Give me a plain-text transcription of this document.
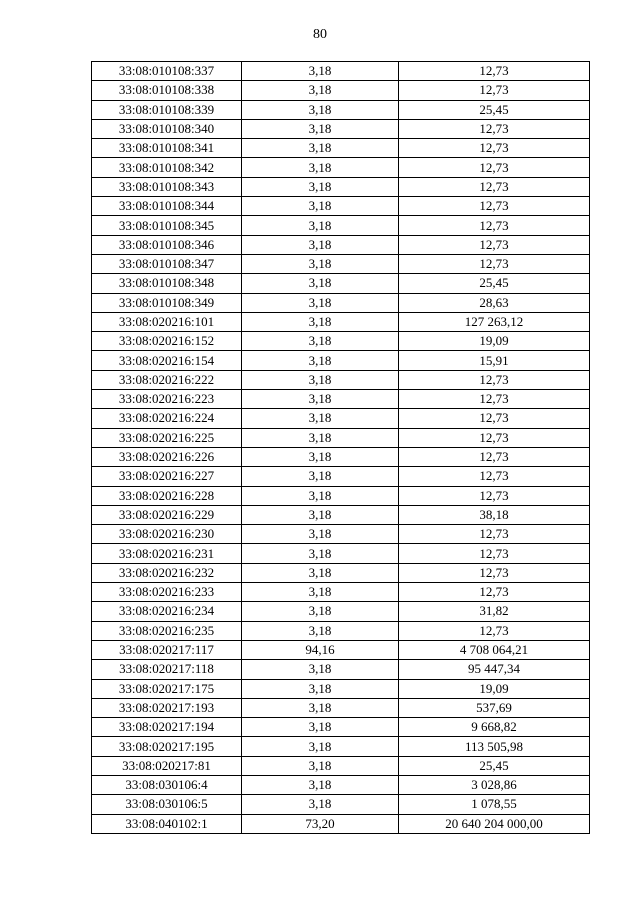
80
33:08:010108:337	3,18	12,73
33:08:010108:338	3,18	12,73
33:08:010108:339	3,18	25,45
33:08:010108:340	3,18	12,73
33:08:010108:341	3,18	12,73
33:08:010108:342	3,18	12,73
33:08:010108:343	3,18	12,73
33:08:010108:344	3,18	12,73
33:08:010108:345	3,18	12,73
33:08:010108:346	3,18	12,73
33:08:010108:347	3,18	12,73
33:08:010108:348	3,18	25,45
33:08:010108:349	3,18	28,63
33:08:020216:101	3,18	127 263,12
33:08:020216:152	3,18	19,09
33:08:020216:154	3,18	15,91
33:08:020216:222	3,18	12,73
33:08:020216:223	3,18	12,73
33:08:020216:224	3,18	12,73
33:08:020216:225	3,18	12,73
33:08:020216:226	3,18	12,73
33:08:020216:227	3,18	12,73
33:08:020216:228	3,18	12,73
33:08:020216:229	3,18	38,18
33:08:020216:230	3,18	12,73
33:08:020216:231	3,18	12,73
33:08:020216:232	3,18	12,73
33:08:020216:233	3,18	12,73
33:08:020216:234	3,18	31,82
33:08:020216:235	3,18	12,73
33:08:020217:117	94,16	4 708 064,21
33:08:020217:118	3,18	95 447,34
33:08:020217:175	3,18	19,09
33:08:020217:193	3,18	537,69
33:08:020217:194	3,18	9 668,82
33:08:020217:195	3,18	113 505,98
33:08:020217:81	3,18	25,45
33:08:030106:4	3,18	3 028,86
33:08:030106:5	3,18	1 078,55
33:08:040102:1	73,20	20 640 204 000,00
